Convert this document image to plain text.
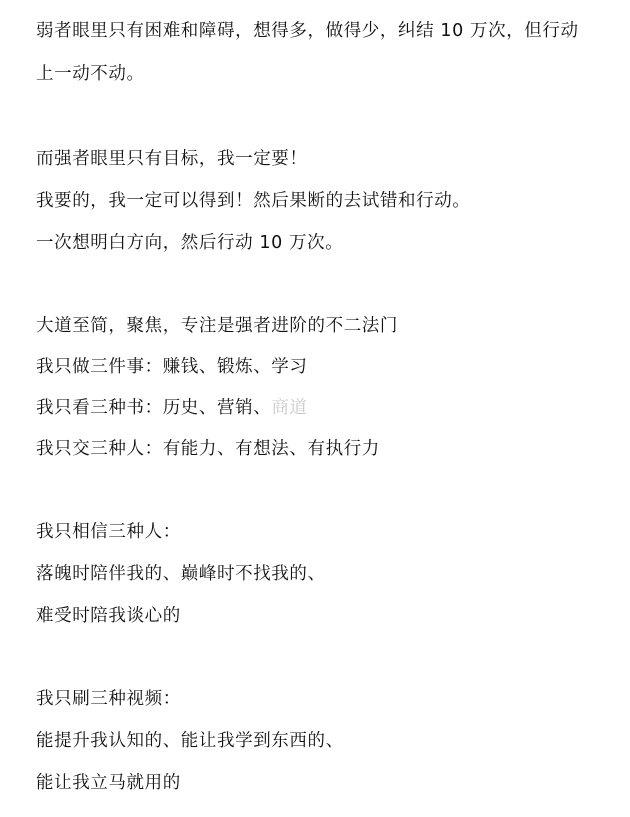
弱者眼里只有困难和障碍，想得多，做得少，纠结 10 万次，但行动
上一动不动。
而强者眼里只有目标，我一定要！
我要的，我一定可以得到！然后果断的去试错和行动。
一次想明白方向，然后行动 10 万次。
大道至简，聚焦，专注是强者进阶的不二法门
我只做三件事：赚钱、锻炼、学习
我只看三种书：历史、营销、商道
我只交三种人：有能力、有想法、有执行力
我只相信三种人：
落魄时陪伴我的、巅峰时不找我的、
难受时陪我谈心的
我只刷三种视频：
能提升我认知的、能让我学到东西的、
能让我立马就用的
